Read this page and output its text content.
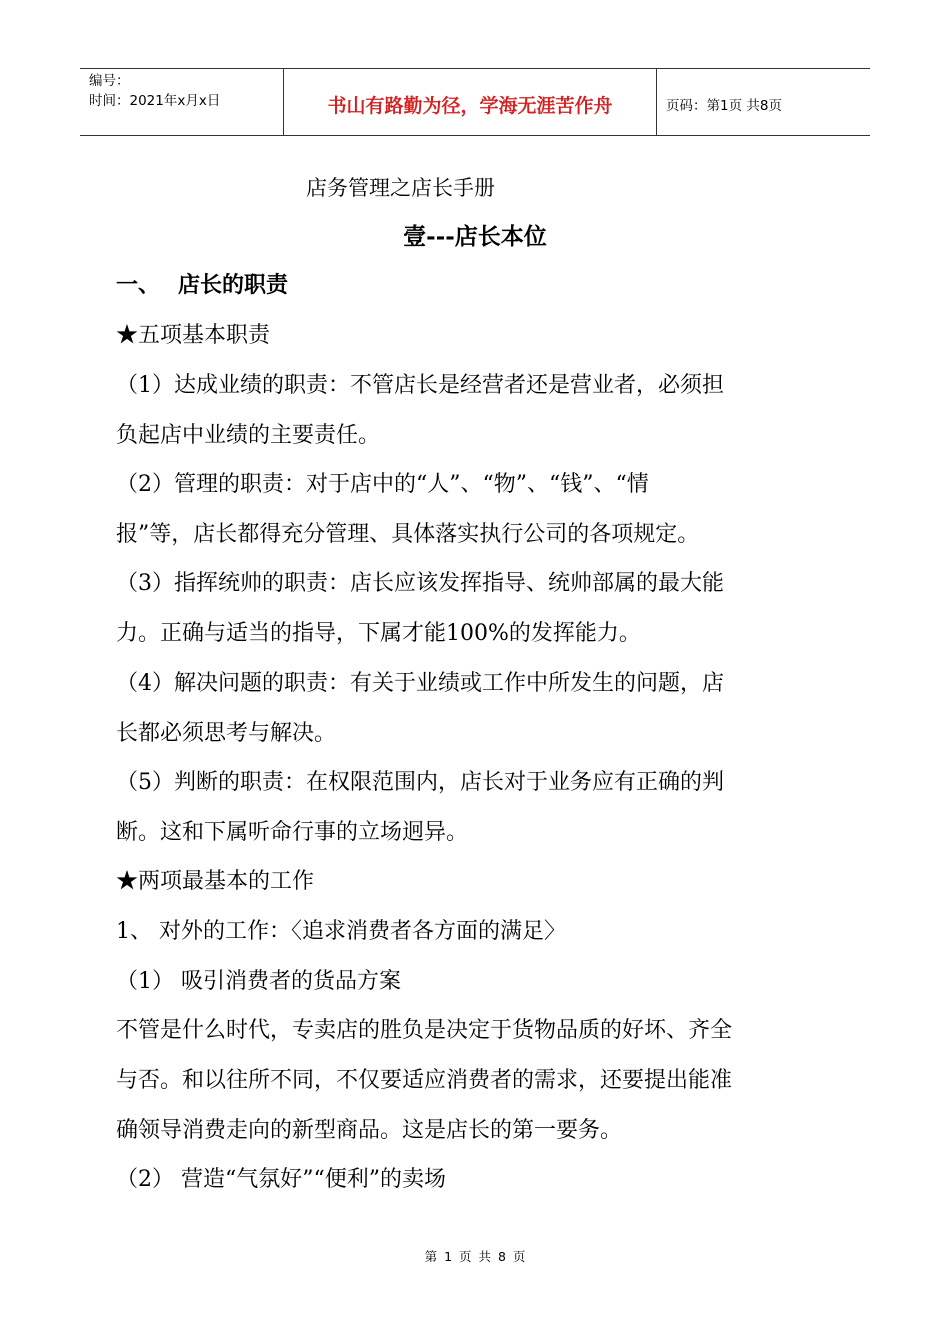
编号：
时间：2021年x月x日	书山有路勤为径，学海无涯苦作舟	页码：第1页 共8页
店务管理之店长手册
壹---店长本位
一、 店长的职责
★五项基本职责
（1）达成业绩的职责：不管店长是经营者还是营业者，必须担
负起店中业绩的主要责任。
（2）管理的职责：对于店中的“人”、“物”、“钱”、“情
报”等，店长都得充分管理、具体落实执行公司的各项规定。
（3）指挥统帅的职责：店长应该发挥指导、统帅部属的最大能
力。正确与适当的指导，下属才能100%的发挥能力。
（4）解决问题的职责：有关于业绩或工作中所发生的问题，店
长都必须思考与解决。
（5）判断的职责：在权限范围内，店长对于业务应有正确的判
断。这和下属听命行事的立场迥异。
★两项最基本的工作
1、 对外的工作：〈追求消费者各方面的满足〉
（1） 吸引消费者的货品方案
不管是什么时代，专卖店的胜负是决定于货物品质的好坏、齐全
与否。和以往所不同，不仅要适应消费者的需求，还要提出能准
确领导消费走向的新型商品。这是店长的第一要务。
（2） 营造“气氛好”“便利”的卖场
第 1 页 共 8 页
